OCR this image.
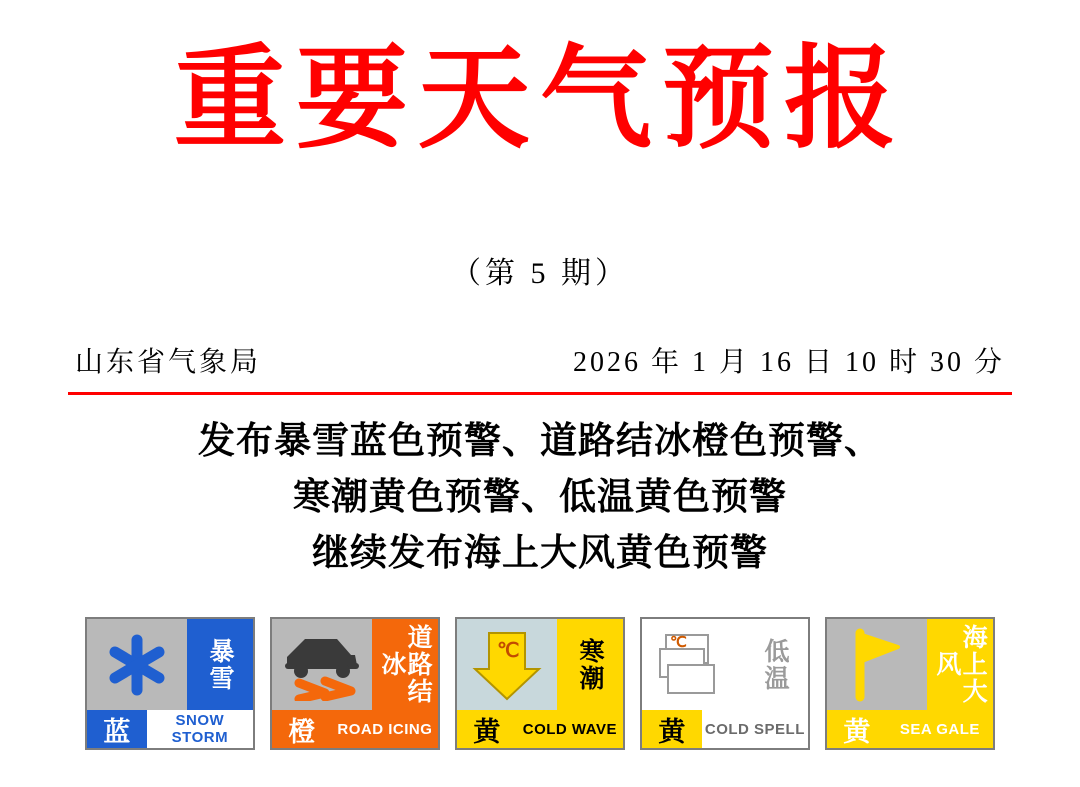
重要天气预报
（第 5 期）
山东省气象局	2026 年 1 月 16 日 10 时 30 分
发布暴雪蓝色预警、道路结冰橙色预警、
寒潮黄色预警、低温黄色预警
继续发布海上大风黄色预警
暴雪
蓝	SNOW STORM
道路结冰
橙	ROAD ICING
℃	寒潮
黄	COLD WAVE
℃	低温
黄	COLD SPELL
海上大风
黄	SEA GALE
